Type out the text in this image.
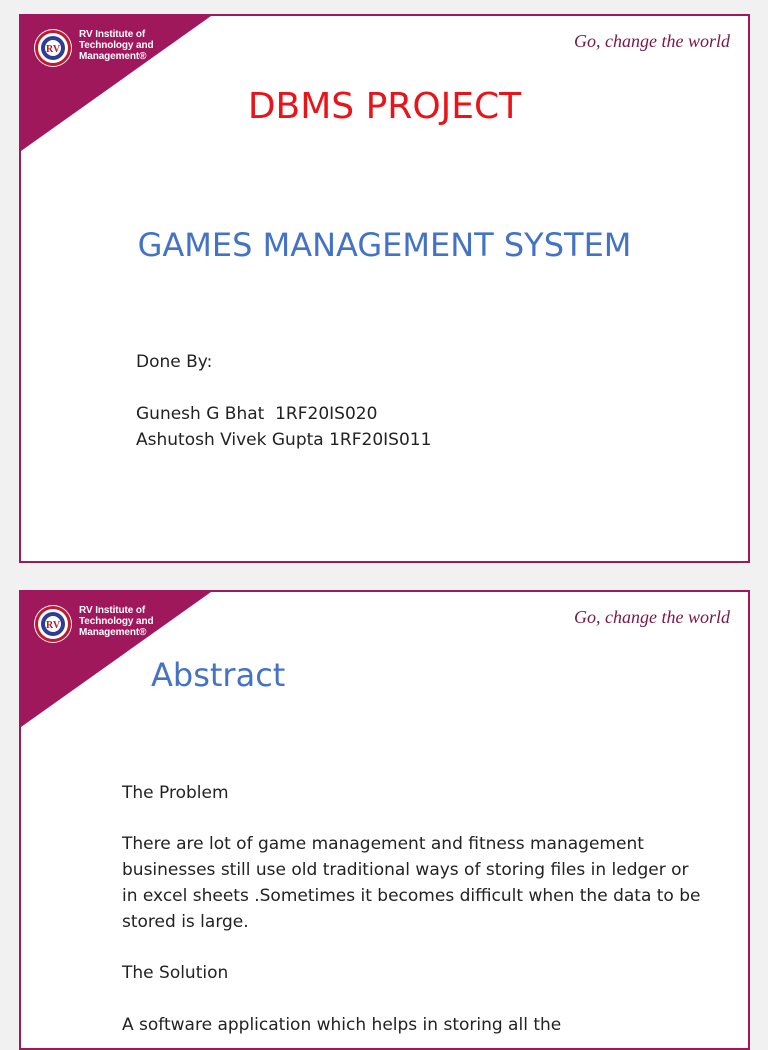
RV
RV Institute of
Technology and
Management®
Go, change the world
DBMS PROJECT
GAMES MANAGEMENT SYSTEM
Done By:
Gunesh G Bhat  1RF20IS020
Ashutosh Vivek Gupta 1RF20IS011
RV
RV Institute of
Technology and
Management®
Go, change the world
Abstract
The Problem
There are lot of game management and fitness management businesses still use old traditional ways of storing files in ledger or in excel sheets .Sometimes it becomes difficult when the data to be stored is large.
The Solution
A software application which helps in storing all the
